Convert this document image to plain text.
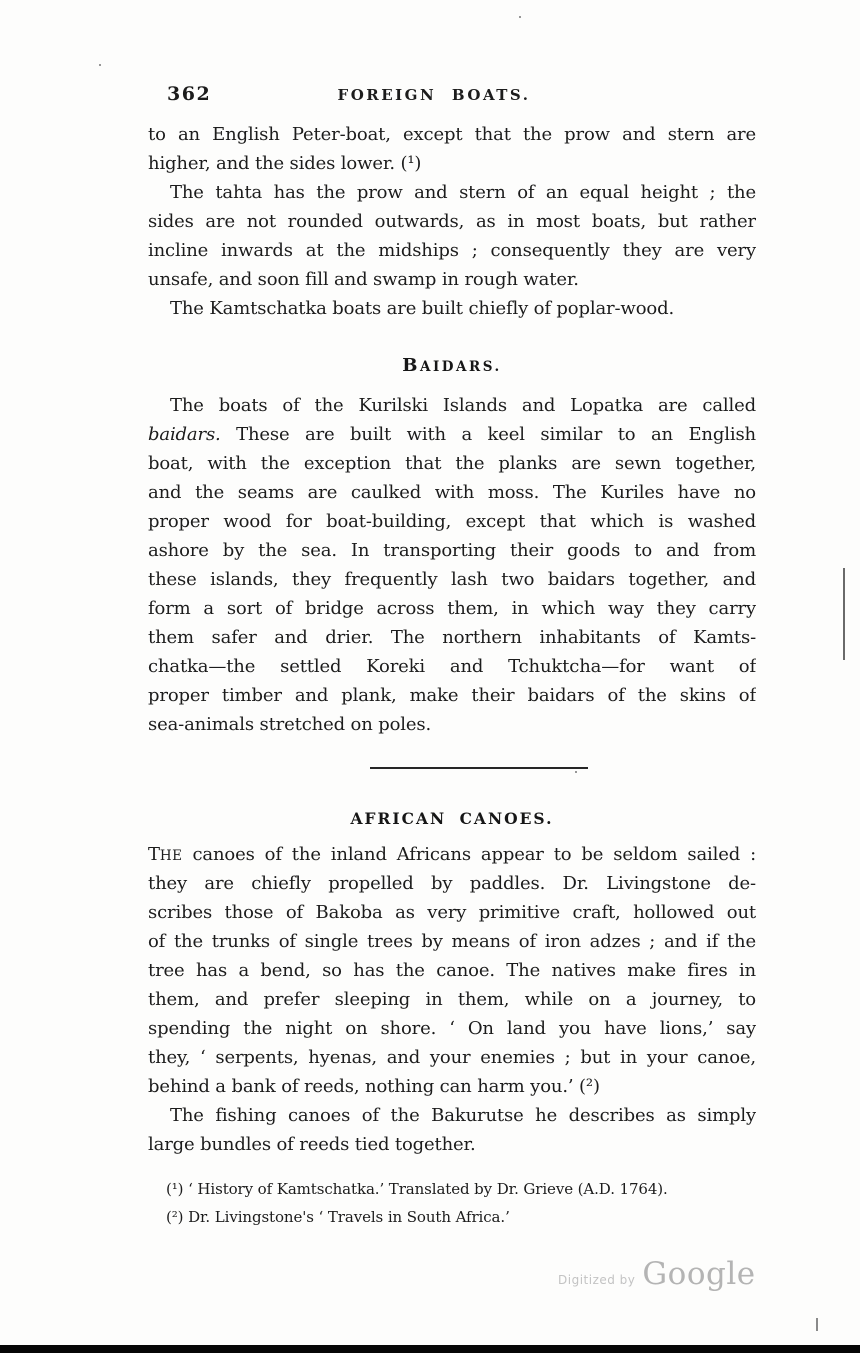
362	FOREIGN BOATS.
to an English Peter-boat, except that the prow and stern are
higher, and the sides lower. (¹)
The tahta has the prow and stern of an equal height ; the
sides are not rounded outwards, as in most boats, but rather
incline inwards at the midships ; consequently they are very
unsafe, and soon fill and swamp in rough water.
The Kamtschatka boats are built chiefly of poplar-wood.
BAIDARS.
The boats of the Kurilski Islands and Lopatka are called
baidars. These are built with a keel similar to an English
boat, with the exception that the planks are sewn together,
and the seams are caulked with moss. The Kuriles have no
proper wood for boat-building, except that which is washed
ashore by the sea. In transporting their goods to and from
these islands, they frequently lash two baidars together, and
form a sort of bridge across them, in which way they carry
them safer and drier. The northern inhabitants of Kamts-
chatka—the settled Koreki and Tchuktcha—for want of
proper timber and plank, make their baidars of the skins of
sea-animals stretched on poles.
AFRICAN CANOES.
THE canoes of the inland Africans appear to be seldom sailed :
they are chiefly propelled by paddles. Dr. Livingstone de-
scribes those of Bakoba as very primitive craft, hollowed out
of the trunks of single trees by means of iron adzes ; and if the
tree has a bend, so has the canoe. The natives make fires in
them, and prefer sleeping in them, while on a journey, to
spending the night on shore. ‘ On land you have lions,’ say
they, ‘ serpents, hyenas, and your enemies ; but in your canoe,
behind a bank of reeds, nothing can harm you.’ (²)
The fishing canoes of the Bakurutse he describes as simply
large bundles of reeds tied together.
(¹) ‘ History of Kamtschatka.’ Translated by Dr. Grieve (A.D. 1764).
(²) Dr. Livingstone's ‘ Travels in South Africa.’
Digitized by Google
